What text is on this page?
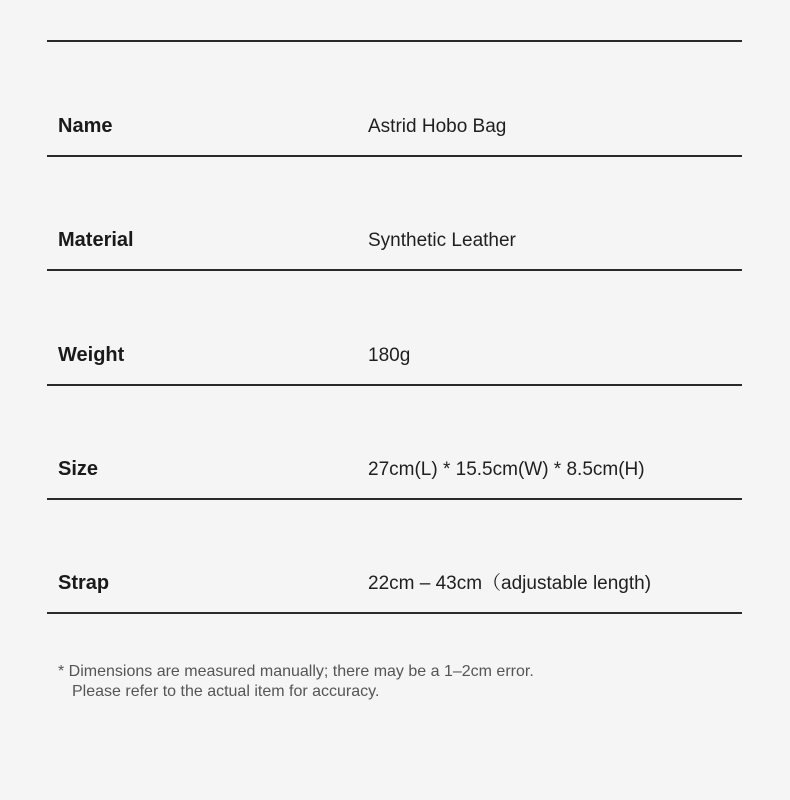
Name	Astrid Hobo Bag
Material	Synthetic Leather
Weight	180g
Size	27cm(L) * 15.5cm(W) * 8.5cm(H)
Strap	22cm – 43cm（adjustable length)
* Dimensions are measured manually; there may be a 1–2cm error.
Please refer to the actual item for accuracy.
